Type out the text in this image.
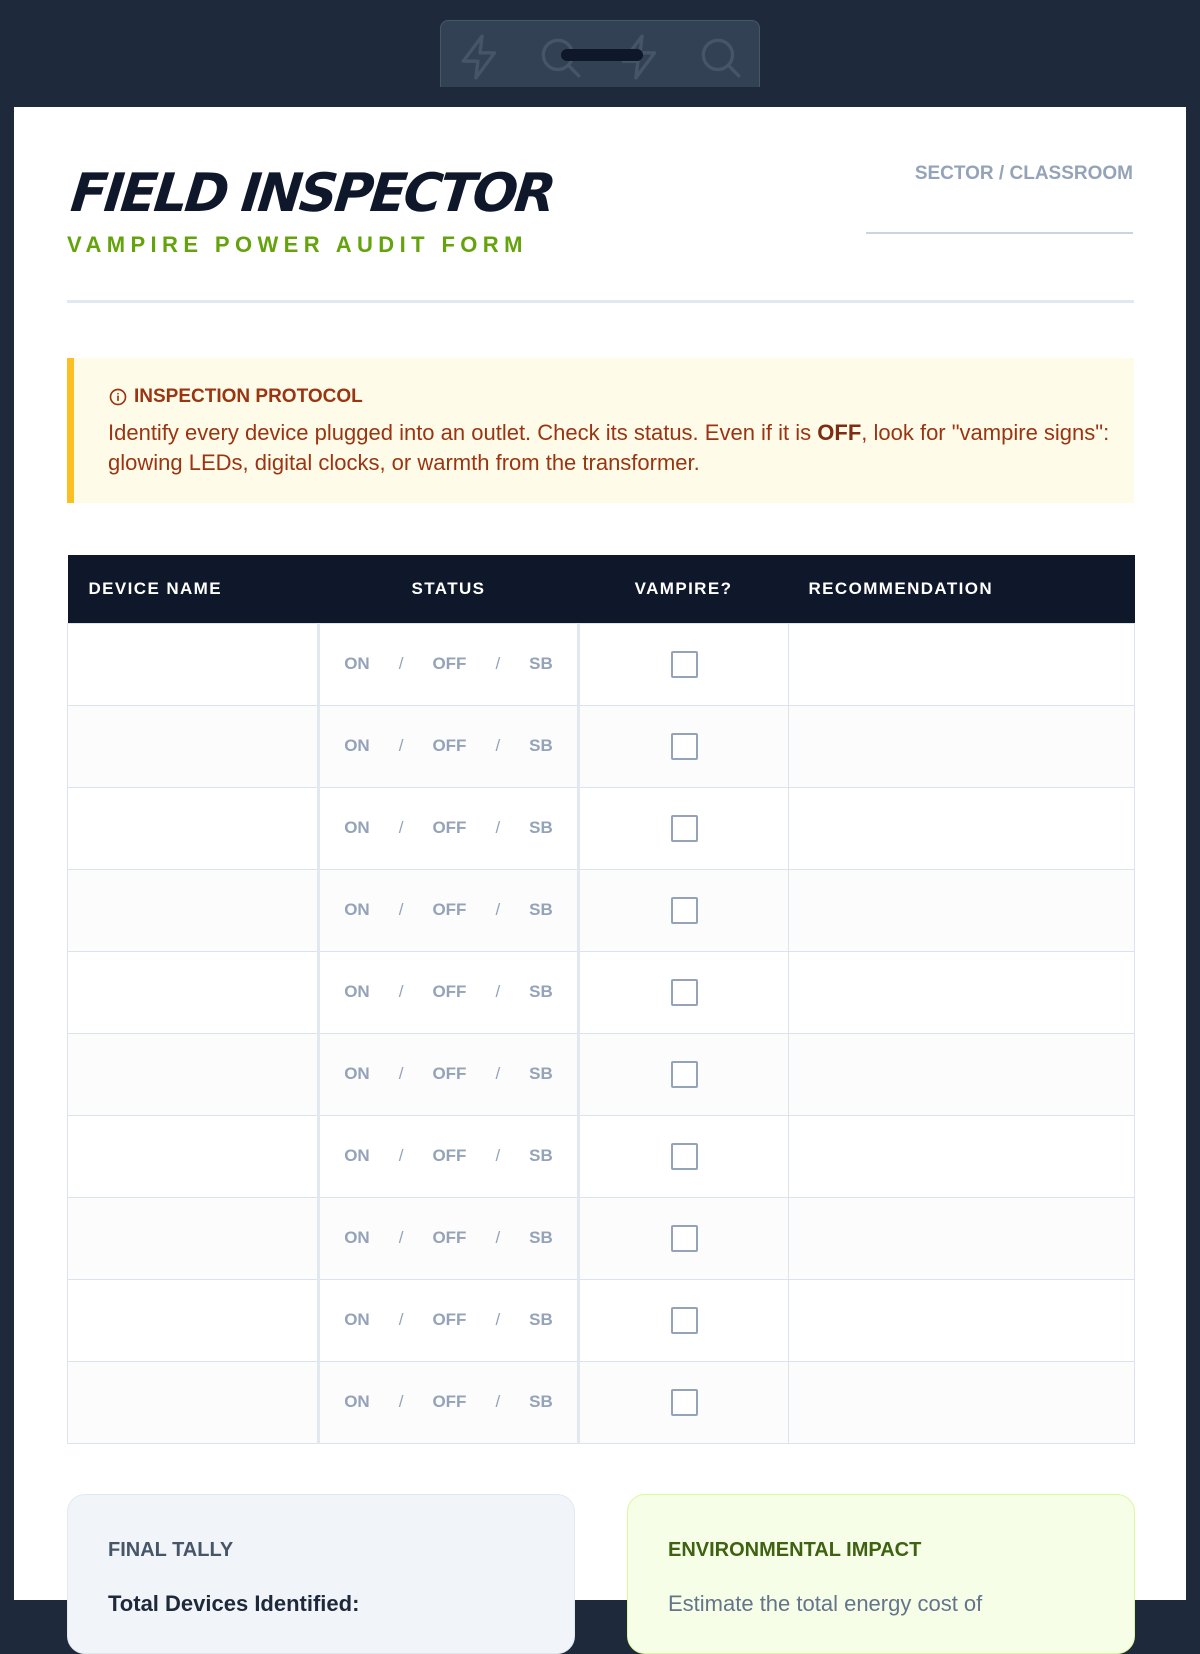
FIELD INSPECTOR
VAMPIRE POWER AUDIT FORM
SECTOR / CLASSROOM
INSPECTION PROTOCOL
Identify every device plugged into an outlet. Check its status. Even if it is OFF, look for "vampire signs": glowing LEDs, digital clocks, or warmth from the transformer.
DEVICE NAME	STATUS	VAMPIRE?	RECOMMENDATION

	ON / OFF / SB		

	ON / OFF / SB		

	ON / OFF / SB		

	ON / OFF / SB		

	ON / OFF / SB		

	ON / OFF / SB		

	ON / OFF / SB		

	ON / OFF / SB		

	ON / OFF / SB		

	ON / OFF / SB		

FINAL TALLY
Total Devices Identified:
ENVIRONMENTAL IMPACT
Estimate the total energy cost of
